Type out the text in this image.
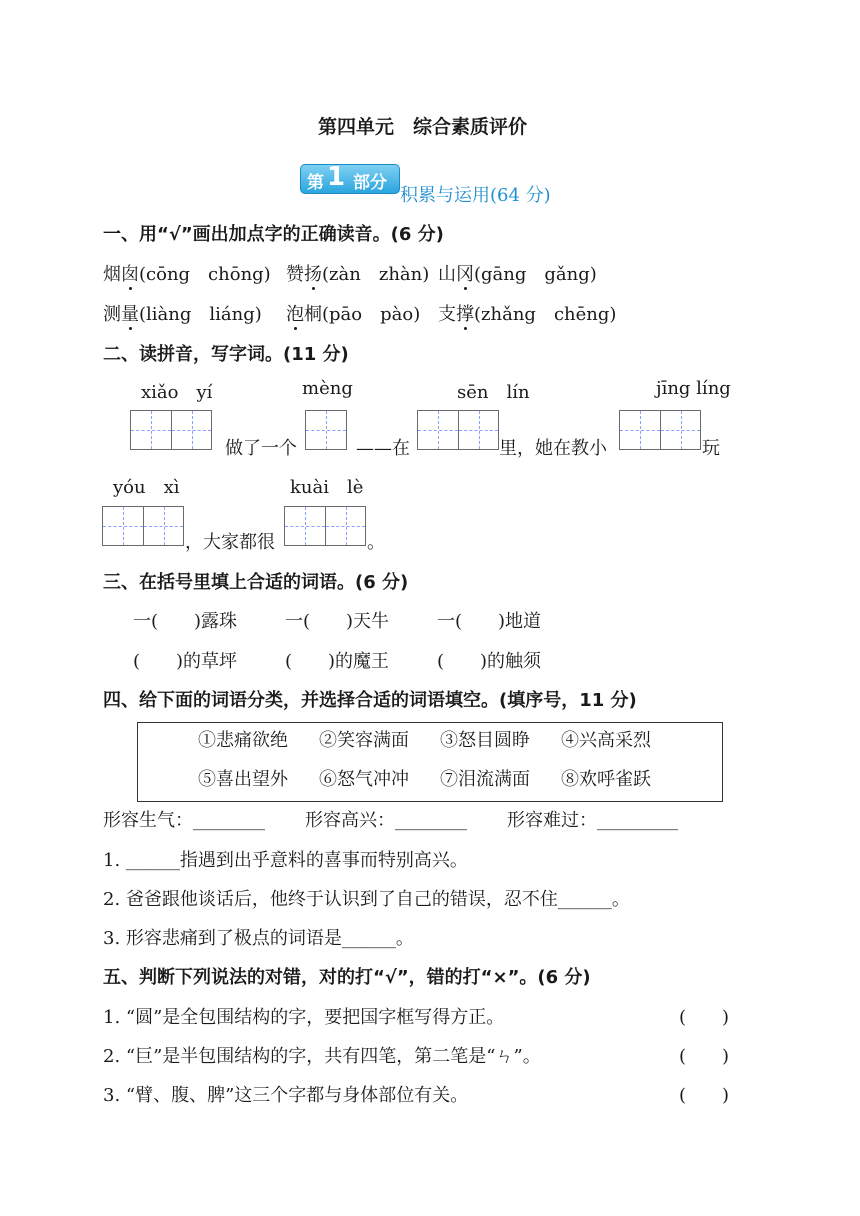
第四单元　综合素质评价
第 1 部分
积累与运用(64 分)
一、用“√”画出加点字的正确读音。(6 分)
烟囱(cōng　chōng) 赞扬(zàn　zhàn) 山冈(gāng　gǎng)
测量(liàng　liáng) 泡桐(pāo　pào) 支撑(zhǎng　chēng)
二、读拼音，写字词。(11 分)
xiǎo　yí	mèng	sēn　lín	jīng líng
做了一个	——在	里，她在教小	玩
yóu　xì	kuài　lè
，大家都很	。
三、在括号里填上合适的词语。(6 分)
一(　　)露珠	一(　　)天牛	一(　　)地道
(　　)的草坪	(　　)的魔王	(　　)的触须
四、给下面的词语分类，并选择合适的词语填空。(填序号，11 分)
①悲痛欲绝 ②笑容满面 ③怒目圆睁 ④兴高采烈
⑤喜出望外 ⑥怒气冲冲 ⑦泪流满面 ⑧欢呼雀跃
形容生气：________ 形容高兴：________ 形容难过：_________
1. ______指遇到出乎意料的喜事而特别高兴。
2. 爸爸跟他谈话后，他终于认识到了自己的错误，忍不住______。
3. 形容悲痛到了极点的词语是______。
五、判断下列说法的对错，对的打“√”，错的打“×”。(6 分)
1. “圆”是全包围结构的字，要把国字框写得方正。	(　　)
2. “巨”是半包围结构的字，共有四笔，第二笔是“ㄣ”。	(　　)
3. “臂、腹、脾”这三个字都与身体部位有关。	(　　)
